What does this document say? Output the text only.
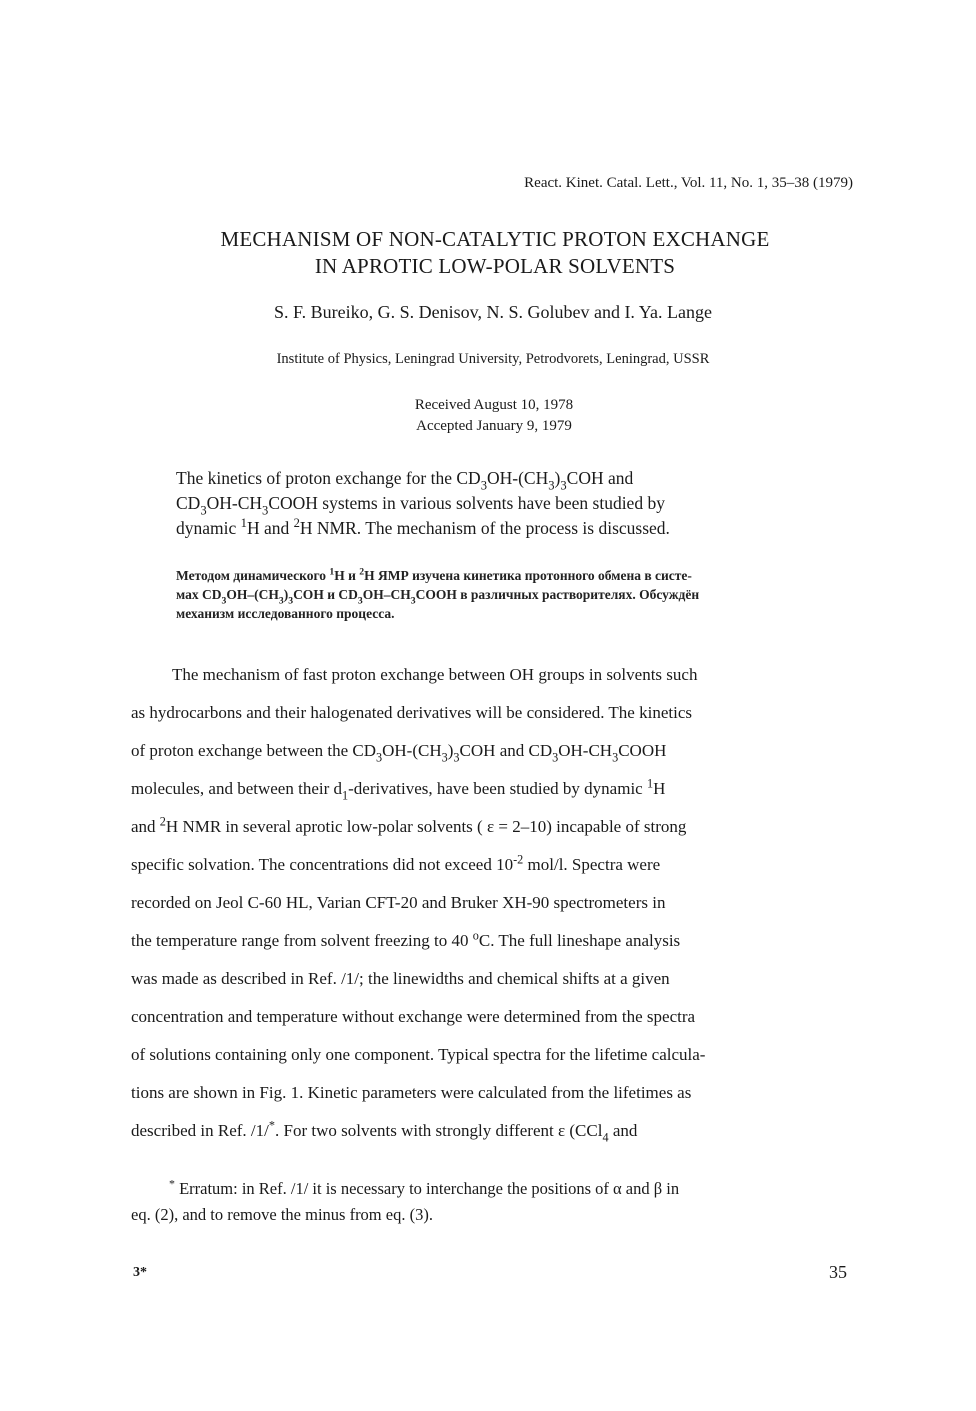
React. Kinet. Catal. Lett., Vol. 11, No. 1, 35–38 (1979)
MECHANISM OF NON-CATALYTIC PROTON EXCHANGE
IN APROTIC LOW-POLAR SOLVENTS
S. F. Bureiko, G. S. Denisov, N. S. Golubev and I. Ya. Lange
Institute of Physics, Leningrad University, Petrodvorets, Leningrad, USSR
Received August 10, 1978
Accepted January 9, 1979
The kinetics of proton exchange for the $CD_3OH-(CH_3)_3COH$ and
$CD_3OH-CH_3COOH$ systems in various solvents have been studied by
dynamic $^1$H and $^2$H NMR. The mechanism of the process is discussed.
Методом динамического $^1$H и $^2$H ЯМР изучена кинетика протонного обмена в систе-
мах $CD_3OH-(CH_3)_3COH$ и $CD_3OH-CH_3COOH$ в различных растворителях. Обсуждён
механизм исследованного процесса.
The mechanism of fast proton exchange between OH groups in solvents such
as hydrocarbons and their halogenated derivatives will be considered. The kinetics
of proton exchange between the $CD_3OH-(CH_3)_3COH$ and $CD_3OH-CH_3COOH$
molecules, and between their $d_1$-derivatives, have been studied by dynamic $^1$H
and $^2$H NMR in several aprotic low-polar solvents ( ε = 2–10) incapable of strong
specific solvation. The concentrations did not exceed $10^{-2}$ mol/l. Spectra were
recorded on Jeol C-60 HL, Varian CFT-20 and Bruker XH-90 spectrometers in
the temperature range from solvent freezing to 40 $^o$C. The full lineshape analysis
was made as described in Ref. /1/; the linewidths and chemical shifts at a given
concentration and temperature without exchange were determined from the spectra
of solutions containing only one component. Typical spectra for the lifetime calcula-
tions are shown in Fig. 1. Kinetic parameters were calculated from the lifetimes as
described in Ref. /1/*. For two solvents with strongly different ε (CCl$_4$ and
* Erratum: in Ref. /1/ it is necessary to interchange the positions of α and β in
eq. (2), and to remove the minus from eq. (3).
3*	35
